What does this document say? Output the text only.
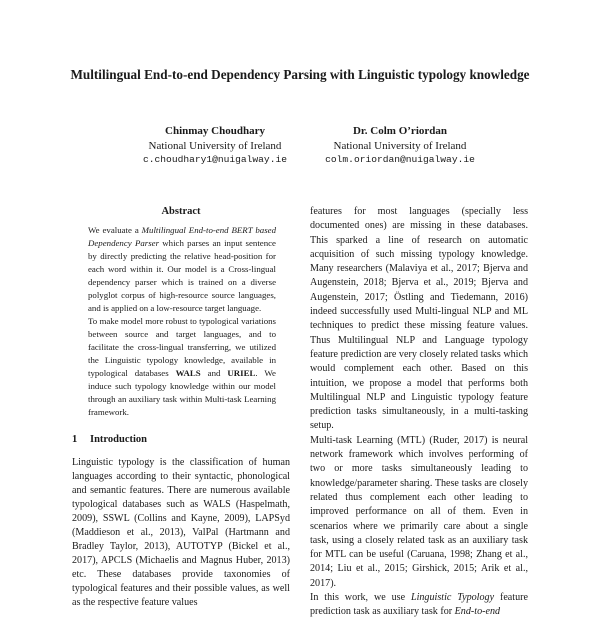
Multilingual End-to-end Dependency Parsing with Linguistic typology knowledge
Chinmay Choudhary
National University of Ireland
c.choudhary1@nuigalway.ie
Dr. Colm O’riordan
National University of Ireland
colm.oriordan@nuigalway.ie
Abstract

We evaluate a Multilingual End-to-end BERT based Dependency Parser which parses an input sentence by directly predicting the relative head-position for each word within it. Our model is a Cross-lingual dependency parser which is trained on a diverse polyglot corpus of high-resource source languages, and is applied on a low-resource target language.

To make model more robust to typological variations between source and target languages, and to facilitate the cross-lingual transferring, we utilized the Linguistic typology knowledge, available in typological databases WALS and URIEL. We induce such typology knowledge within our model through an auxiliary task within Multi-task Learning framework.

1 Introduction

Linguistic typology is the classification of human languages according to their syntactic, phonological and semantic features. There are numerous available typological databases such as WALS (Haspelmath, 2009), SSWL (Collins and Kayne, 2009), LAPSyd (Maddieson et al., 2013), ValPal (Hartmann and Bradley Taylor, 2013), AUTOTYP (Bickel et al., 2017), APCLS (Michaelis and Magnus Huber, 2013) etc. These databases provide taxonomies of typological features and their possible values, as well as the respective feature values

features for most languages (specially less documented ones) are missing in these databases. This sparked a line of research on automatic acquisition of such missing typology knowledge. Many researchers (Malaviya et al., 2017; Bjerva and Augenstein, 2018; Bjerva et al., 2019; Bjerva and Augenstein, 2017; Östling and Tiedemann, 2016) indeed successfully used Multi-lingual NLP and ML techniques to predict these missing feature values. Thus Multilingual NLP and Language typology feature prediction are very closely related tasks which would complement each other. Based on this intuition, we propose a model that performs both Multilingual NLP and Linguistic typology feature prediction tasks simultaneously, in a multi-tasking setup.

Multi-task Learning (MTL) (Ruder, 2017) is neural network framework which involves performing of two or more tasks simultaneously leading to knowledge/parameter sharing. These tasks are closely related thus complement each other leading to improved performance on all of them. Even in scenarios where we primarily care about a single task, using a closely related task as an auxiliary task for MTL can be useful (Caruana, 1998; Zhang et al., 2014; Liu et al., 2015; Girshick, 2015; Arik et al., 2017).

In this work, we use Linguistic Typology feature prediction task as auxiliary task for End-to-end
